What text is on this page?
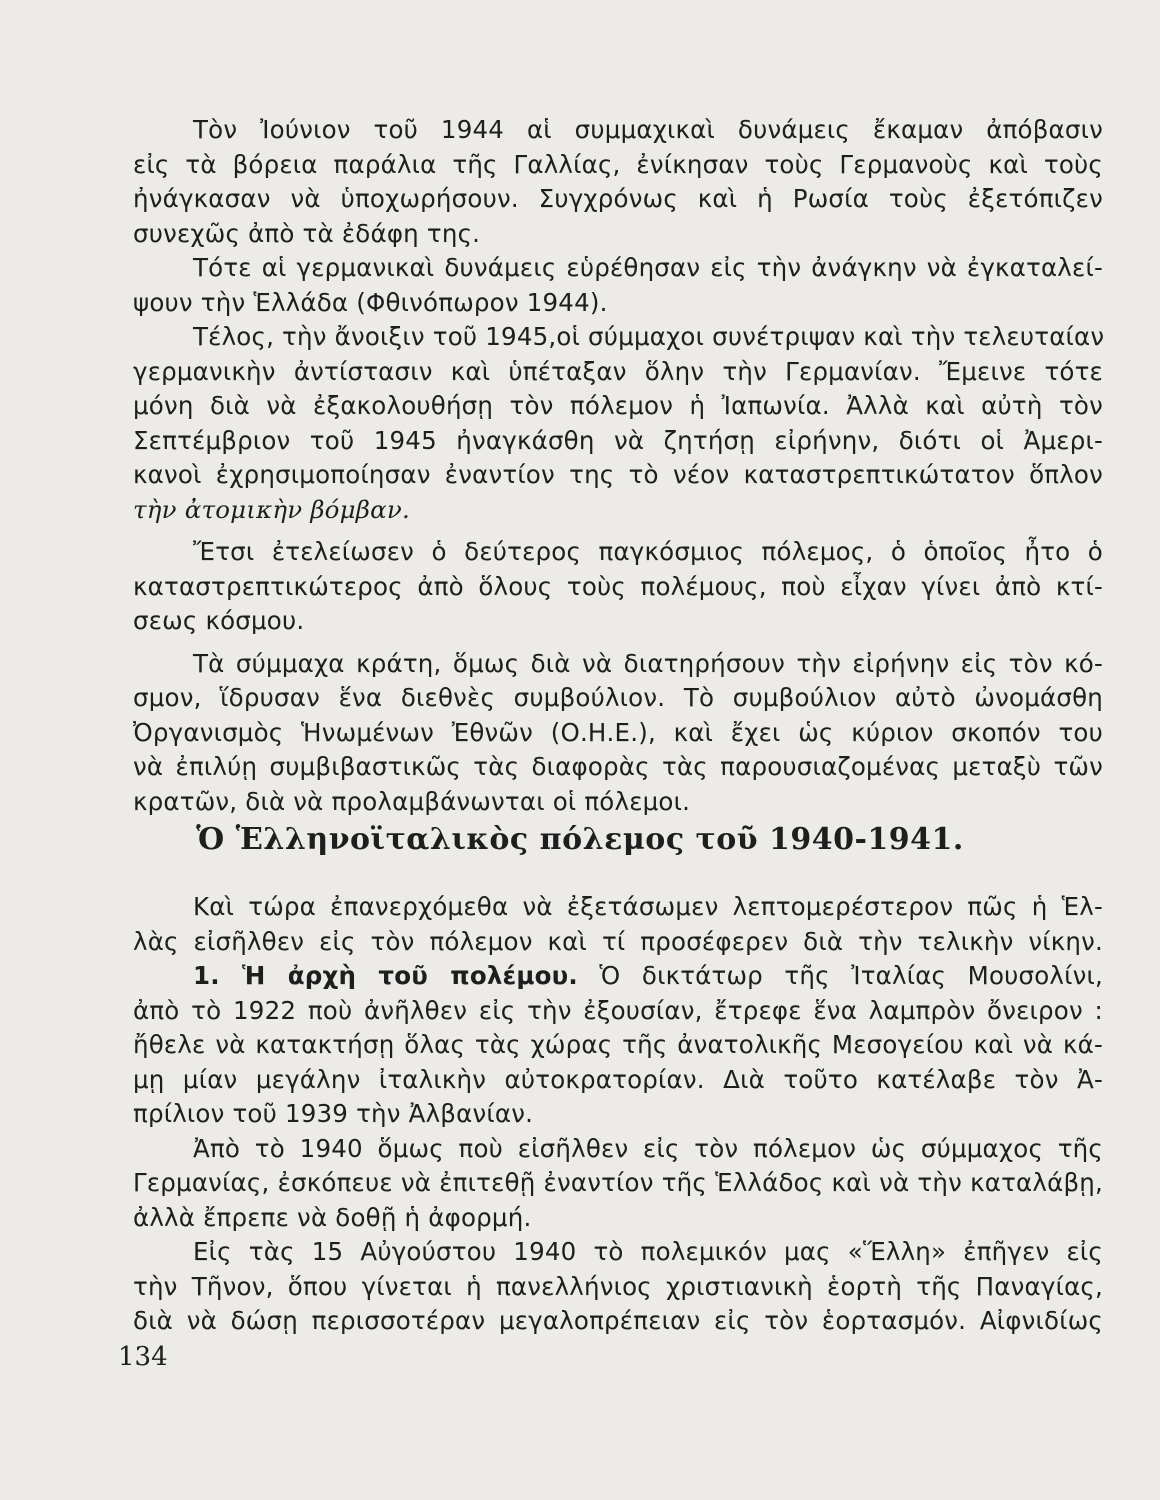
Τὸν Ἰούνιον τοῦ 1944 αἱ συμμαχικαὶ δυνάμεις ἔκαμαν ἀπόβασιν
εἰς τὰ βόρεια παράλια τῆς Γαλλίας, ἐνίκησαν τοὺς Γερμανοὺς καὶ τοὺς
ἠνάγκασαν νὰ ὑποχωρήσουν. Συγχρόνως καὶ ἡ Ρωσία τοὺς ἐξετόπιζεν
συνεχῶς ἀπὸ τὰ ἐδάφη της.
Τότε αἱ γερμανικαὶ δυνάμεις εὑρέθησαν εἰς τὴν ἀνάγκην νὰ ἐγκαταλεί-
ψουν τὴν Ἑλλάδα (Φθινόπωρον 1944).
Τέλος, τὴν ἄνοιξιν τοῦ 1945,οἱ σύμμαχοι συνέτριψαν καὶ τὴν τελευταίαν
γερμανικὴν ἀντίστασιν καὶ ὑπέταξαν ὅλην τὴν Γερμανίαν. Ἔμεινε τότε
μόνη διὰ νὰ ἐξακολουθήσῃ τὸν πόλεμον ἡ Ἰαπωνία. Ἀλλὰ καὶ αὐτὴ τὸν
Σεπτέμβριον τοῦ 1945 ἠναγκάσθη νὰ ζητήσῃ εἰρήνην, διότι οἱ Ἀμερι-
κανοὶ ἐχρησιμοποίησαν ἐναντίον της τὸ νέον καταστρεπτικώτατον ὅπλον
τὴν ἀτομικὴν βόμβαν.
Ἔτσι ἐτελείωσεν ὁ δεύτερος παγκόσμιος πόλεμος, ὁ ὁποῖος ἦτο ὁ
καταστρεπτικώτερος ἀπὸ ὅλους τοὺς πολέμους, ποὺ εἶχαν γίνει ἀπὸ κτί-
σεως κόσμου.
Τὰ σύμμαχα κράτη, ὅμως διὰ νὰ διατηρήσουν τὴν εἰρήνην εἰς τὸν κό-
σμον, ἵδρυσαν ἕνα διεθνὲς συμβούλιον. Τὸ συμβούλιον αὐτὸ ὠνομάσθη
Ὀργανισμὸς Ἡνωμένων Ἐθνῶν (Ο.Η.Ε.), καὶ ἔχει ὡς κύριον σκοπόν του
νὰ ἐπιλύῃ συμβιβαστικῶς τὰς διαφορὰς τὰς παρουσιαζομένας μεταξὺ τῶν
κρατῶν, διὰ νὰ προλαμβάνωνται οἱ πόλεμοι.
Ὁ Ἑλληνοϊταλικὸς πόλεμος τοῦ 1940-1941.
Καὶ τώρα ἐπανερχόμεθα νὰ ἐξετάσωμεν λεπτομερέστερον πῶς ἡ Ἑλ-
λὰς εἰσῆλθεν εἰς τὸν πόλεμον καὶ τί προσέφερεν διὰ τὴν τελικὴν νίκην.
1. Ἡ ἀρχὴ τοῦ πολέμου. Ὁ δικτάτωρ τῆς Ἰταλίας Μουσολίνι,
ἀπὸ τὸ 1922 ποὺ ἀνῆλθεν εἰς τὴν ἐξουσίαν, ἔτρεφε ἕνα λαμπρὸν ὄνειρον :
ἤθελε νὰ κατακτήσῃ ὅλας τὰς χώρας τῆς ἀνατολικῆς Μεσογείου καὶ νὰ κά-
μῃ μίαν μεγάλην ἰταλικὴν αὐτοκρατορίαν. Διὰ τοῦτο κατέλαβε τὸν Ἀ-
πρίλιον τοῦ 1939 τὴν Ἀλβανίαν.
Ἀπὸ τὸ 1940 ὅμως ποὺ εἰσῆλθεν εἰς τὸν πόλεμον ὡς σύμμαχος τῆς
Γερμανίας, ἐσκόπευε νὰ ἐπιτεθῇ ἐναντίον τῆς Ἑλλάδος καὶ νὰ τὴν καταλάβῃ,
ἀλλὰ ἔπρεπε νὰ δοθῇ ἡ ἀφορμή.
Εἰς τὰς 15 Αὐγούστου 1940 τὸ πολεμικόν μας «Ἕλλη» ἐπῆγεν εἰς
τὴν Τῆνον, ὅπου γίνεται ἡ πανελλήνιος χριστιανικὴ ἑορτὴ τῆς Παναγίας,
διὰ νὰ δώσῃ περισσοτέραν μεγαλοπρέπειαν εἰς τὸν ἑορτασμόν. Αἰφνιδίως
134
